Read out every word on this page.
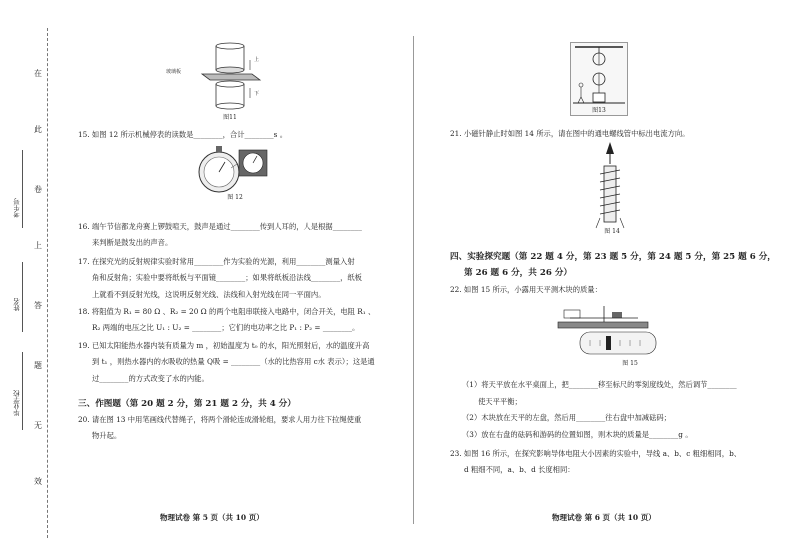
在
此
卷
上
答
题
无
效
考生号
姓名
毕业学校
玻璃板
上
下
图11
15. 如图 12 所示机械停表的读数是________，合计________s 。
图 12
16. 端午节信都龙舟赛上锣鼓喧天，鼓声是通过________传到人耳的，人是根据________
来判断是鼓发出的声音。
17. 在探究光的反射规律实验时常用________作为实验的光源，利用________测量入射
角和反射角；实验中要将纸板与平面镜________；如果将纸板沿法线________，纸板
上就看不到反射光线，这说明反射光线、法线和入射光线在同一平面内。
18. 将阻值为 R₁ = 80 Ω 、R₂ = 20 Ω 的两个电阻串联接入电路中，闭合开关，电阻 R₁ 、
R₂ 两端的电压之比 U₁ : U₂ = ________；它们的电功率之比 P₁ : P₂ = ________。
19. 已知太阳能热水器内装有质量为 m ，初始温度为 t₀ 的水，阳光照射后，水的温度升高
到 t₁ ，则热水器内的水吸收的热量 Q吸 = ________（水的比热容用 c水 表示）；这是通
过________的方式改变了水的内能。
三、作图题（第 20 题 2 分，第 21 题 2 分，共 4 分）
20. 请在图 13 中用笔画线代替绳子，将两个滑轮连成滑轮组，要求人用力往下拉绳使重
物升起。
物理试卷 第 5 页（共 10 页）
图13
21. 小磁针静止时如图 14 所示，请在图中的通电螺线管中标出电流方向。
图 14
四、实验探究题（第 22 题 4 分，第 23 题 5 分，第 24 题 5 分，第 25 题 6 分，
第 26 题 6 分，共 26 分）
22. 如图 15 所示，小露用天平测木块的质量：
图 15
（1）将天平放在水平桌面上，把________移至标尺的零刻度线处，然后调节________
使天平平衡；
（2）木块放在天平的左盘，然后用________往右盘中加减砝码；
（3）放在右盘的砝码和游码的位置如图，则木块的质量是________g 。
23. 如图 16 所示，在探究影响导体电阻大小因素的实验中，导线 a、b、c 粗细相同，b、
d 粗细不同，a、b、d 长度相同：
物理试卷 第 6 页（共 10 页）
